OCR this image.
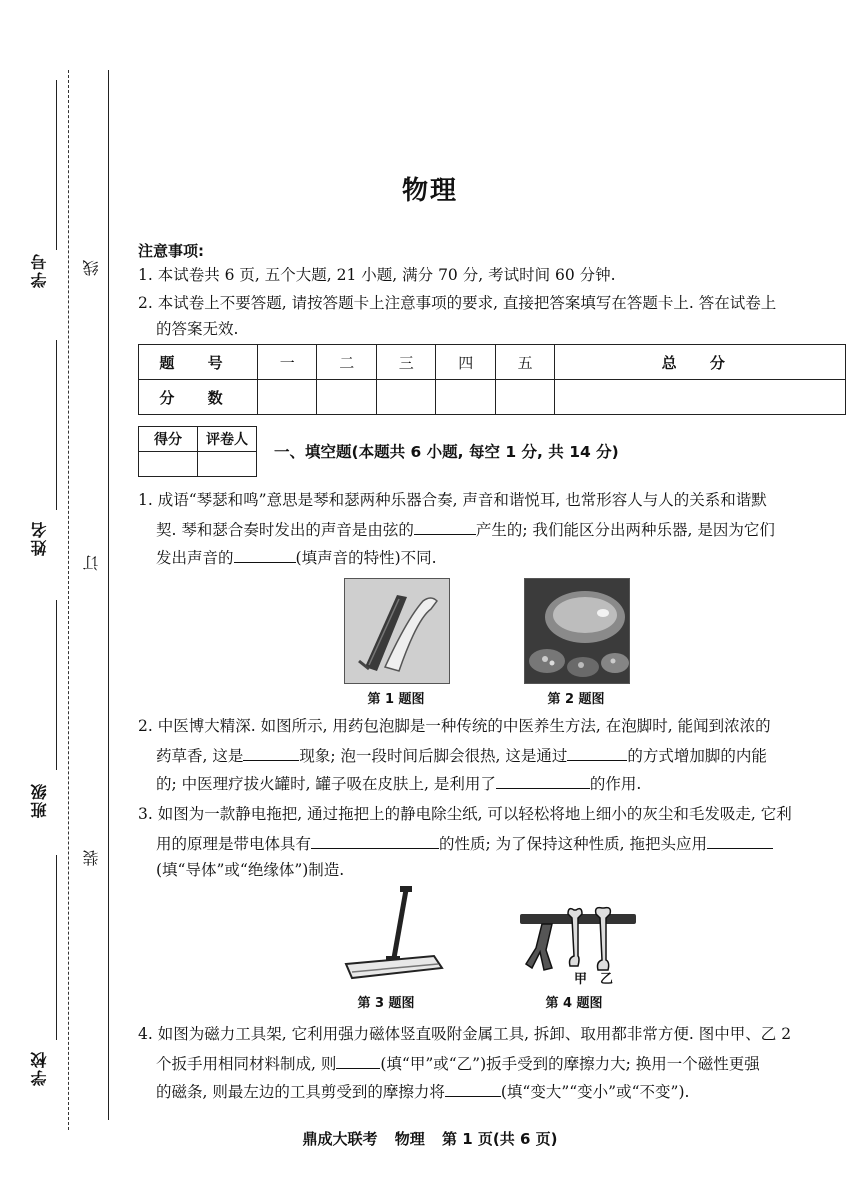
学号
姓名
班级
学校
线
订
装
物理
注意事项:
1. 本试卷共 6 页, 五个大题, 21 小题, 满分 70 分, 考试时间 60 分钟.
2. 本试卷上不要答题, 请按答题卡上注意事项的要求, 直接把答案填写在答题卡上. 答在试卷上
的答案无效.
题 号	一	二	三	四	五	总 分
分 数						
得分	评卷人

一、填空题(本题共 6 小题, 每空 1 分, 共 14 分)
1. 成语“琴瑟和鸣”意思是琴和瑟两种乐器合奏, 声音和谐悦耳, 也常形容人与人的关系和谐默
契. 琴和瑟合奏时发出的声音是由弦的	产生的; 我们能区分出两种乐器, 是因为它们
发出声音的	(填声音的特性)不同.
第 1 题图	第 2 题图
2. 中医博大精深. 如图所示, 用药包泡脚是一种传统的中医养生方法, 在泡脚时, 能闻到浓浓的
药草香, 这是	现象; 泡一段时间后脚会很热, 这是通过	的方式增加脚的内能
的; 中医理疗拔火罐时, 罐子吸在皮肤上, 是利用了	的作用.
3. 如图为一款静电拖把, 通过拖把上的静电除尘纸, 可以轻松将地上细小的灰尘和毛发吸走, 它利
用的原理是带电体具有	的性质; 为了保持这种性质, 拖把头应用
(填“导体”或“绝缘体”)制造.
第 3 题图
甲 乙
第 4 题图
4. 如图为磁力工具架, 它利用强力磁体竖直吸附金属工具, 拆卸、取用都非常方便. 图中甲、乙 2
个扳手用相同材料制成, 则	(填“甲”或“乙”)扳手受到的摩擦力大; 换用一个磁性更强
的磁条, 则最左边的工具剪受到的摩擦力将	(填“变大”“变小”或“不变”).
鼎成大联考 物理 第 1 页(共 6 页)
